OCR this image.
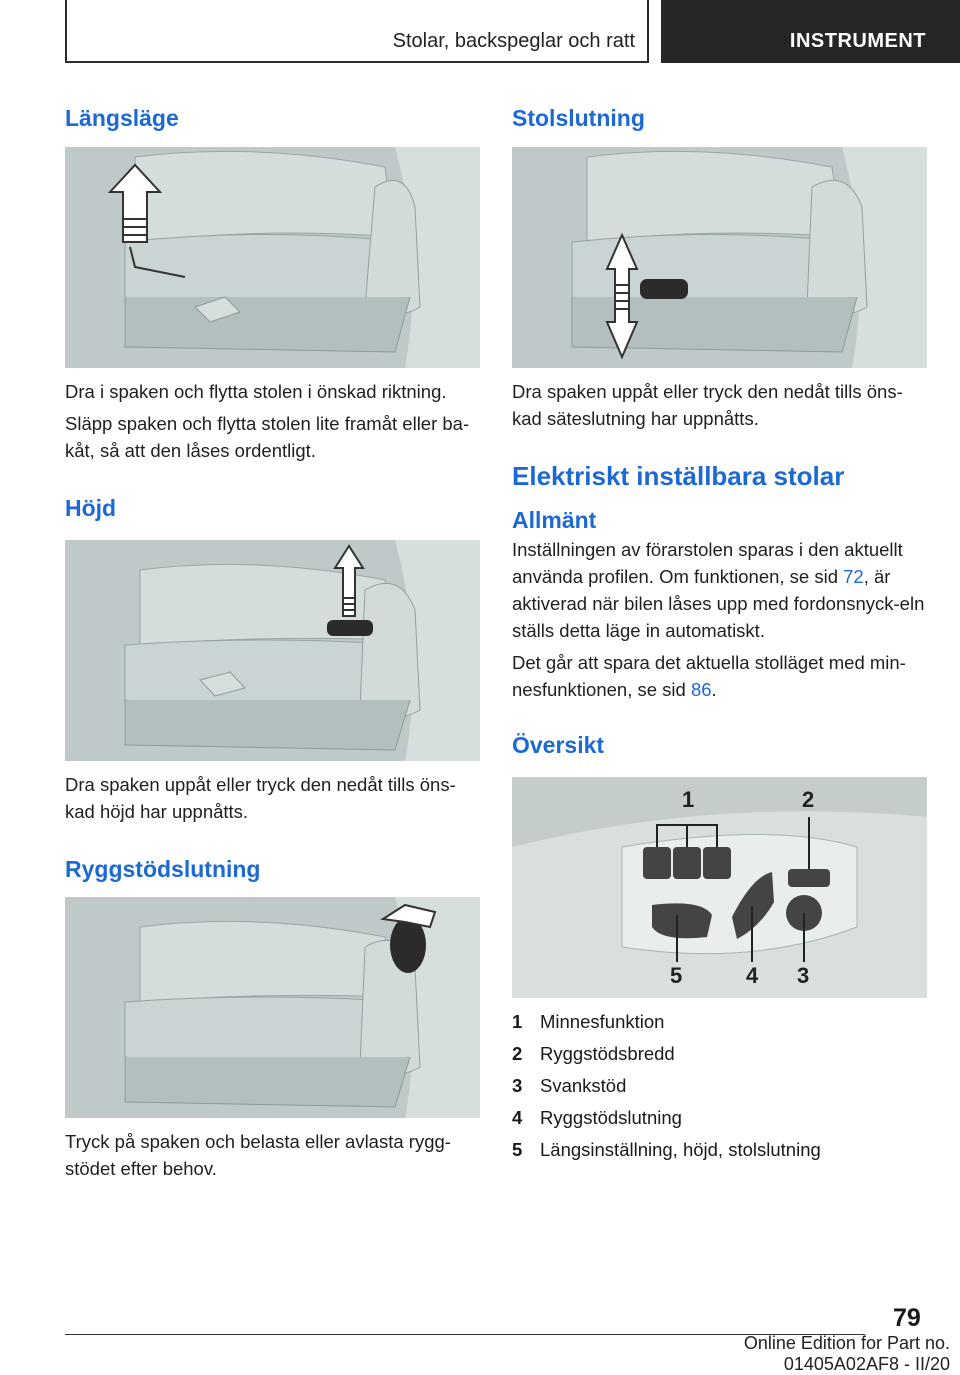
Stolar, backspeglar och ratt	INSTRUMENT
Längsläge

Dra i spaken och flytta stolen i önskad riktning.

Släpp spaken och flytta stolen lite framåt eller ba‐kåt, så att den låses ordentligt.

Höjd

Dra spaken uppåt eller tryck den nedåt tills öns‐kad höjd har uppnåtts.

Ryggstödslutning

Tryck på spaken och belasta eller avlasta rygg‐stödet efter behov.

Stolslutning

Dra spaken uppåt eller tryck den nedåt tills öns‐kad säteslutning har uppnåtts.

Elektriskt inställbara stolar
Allmänt

Inställningen av förarstolen sparas i den aktuellt använda profilen. Om funktionen, se sid 72, är aktiverad när bilen låses upp med fordonsnyck‐eln ställs detta läge in automatiskt.

Det går att spara det aktuella stolläget med min‐nesfunktionen, se sid 86.

Översikt
1	2
5	4 3
1 Minnesfunktion
2 Ryggstödsbredd
3 Svankstöd
4 Ryggstödslutning
5 Längsinställning, höjd, stolslutning
79
Online Edition for Part no. 01405A02AF8 - II/20
